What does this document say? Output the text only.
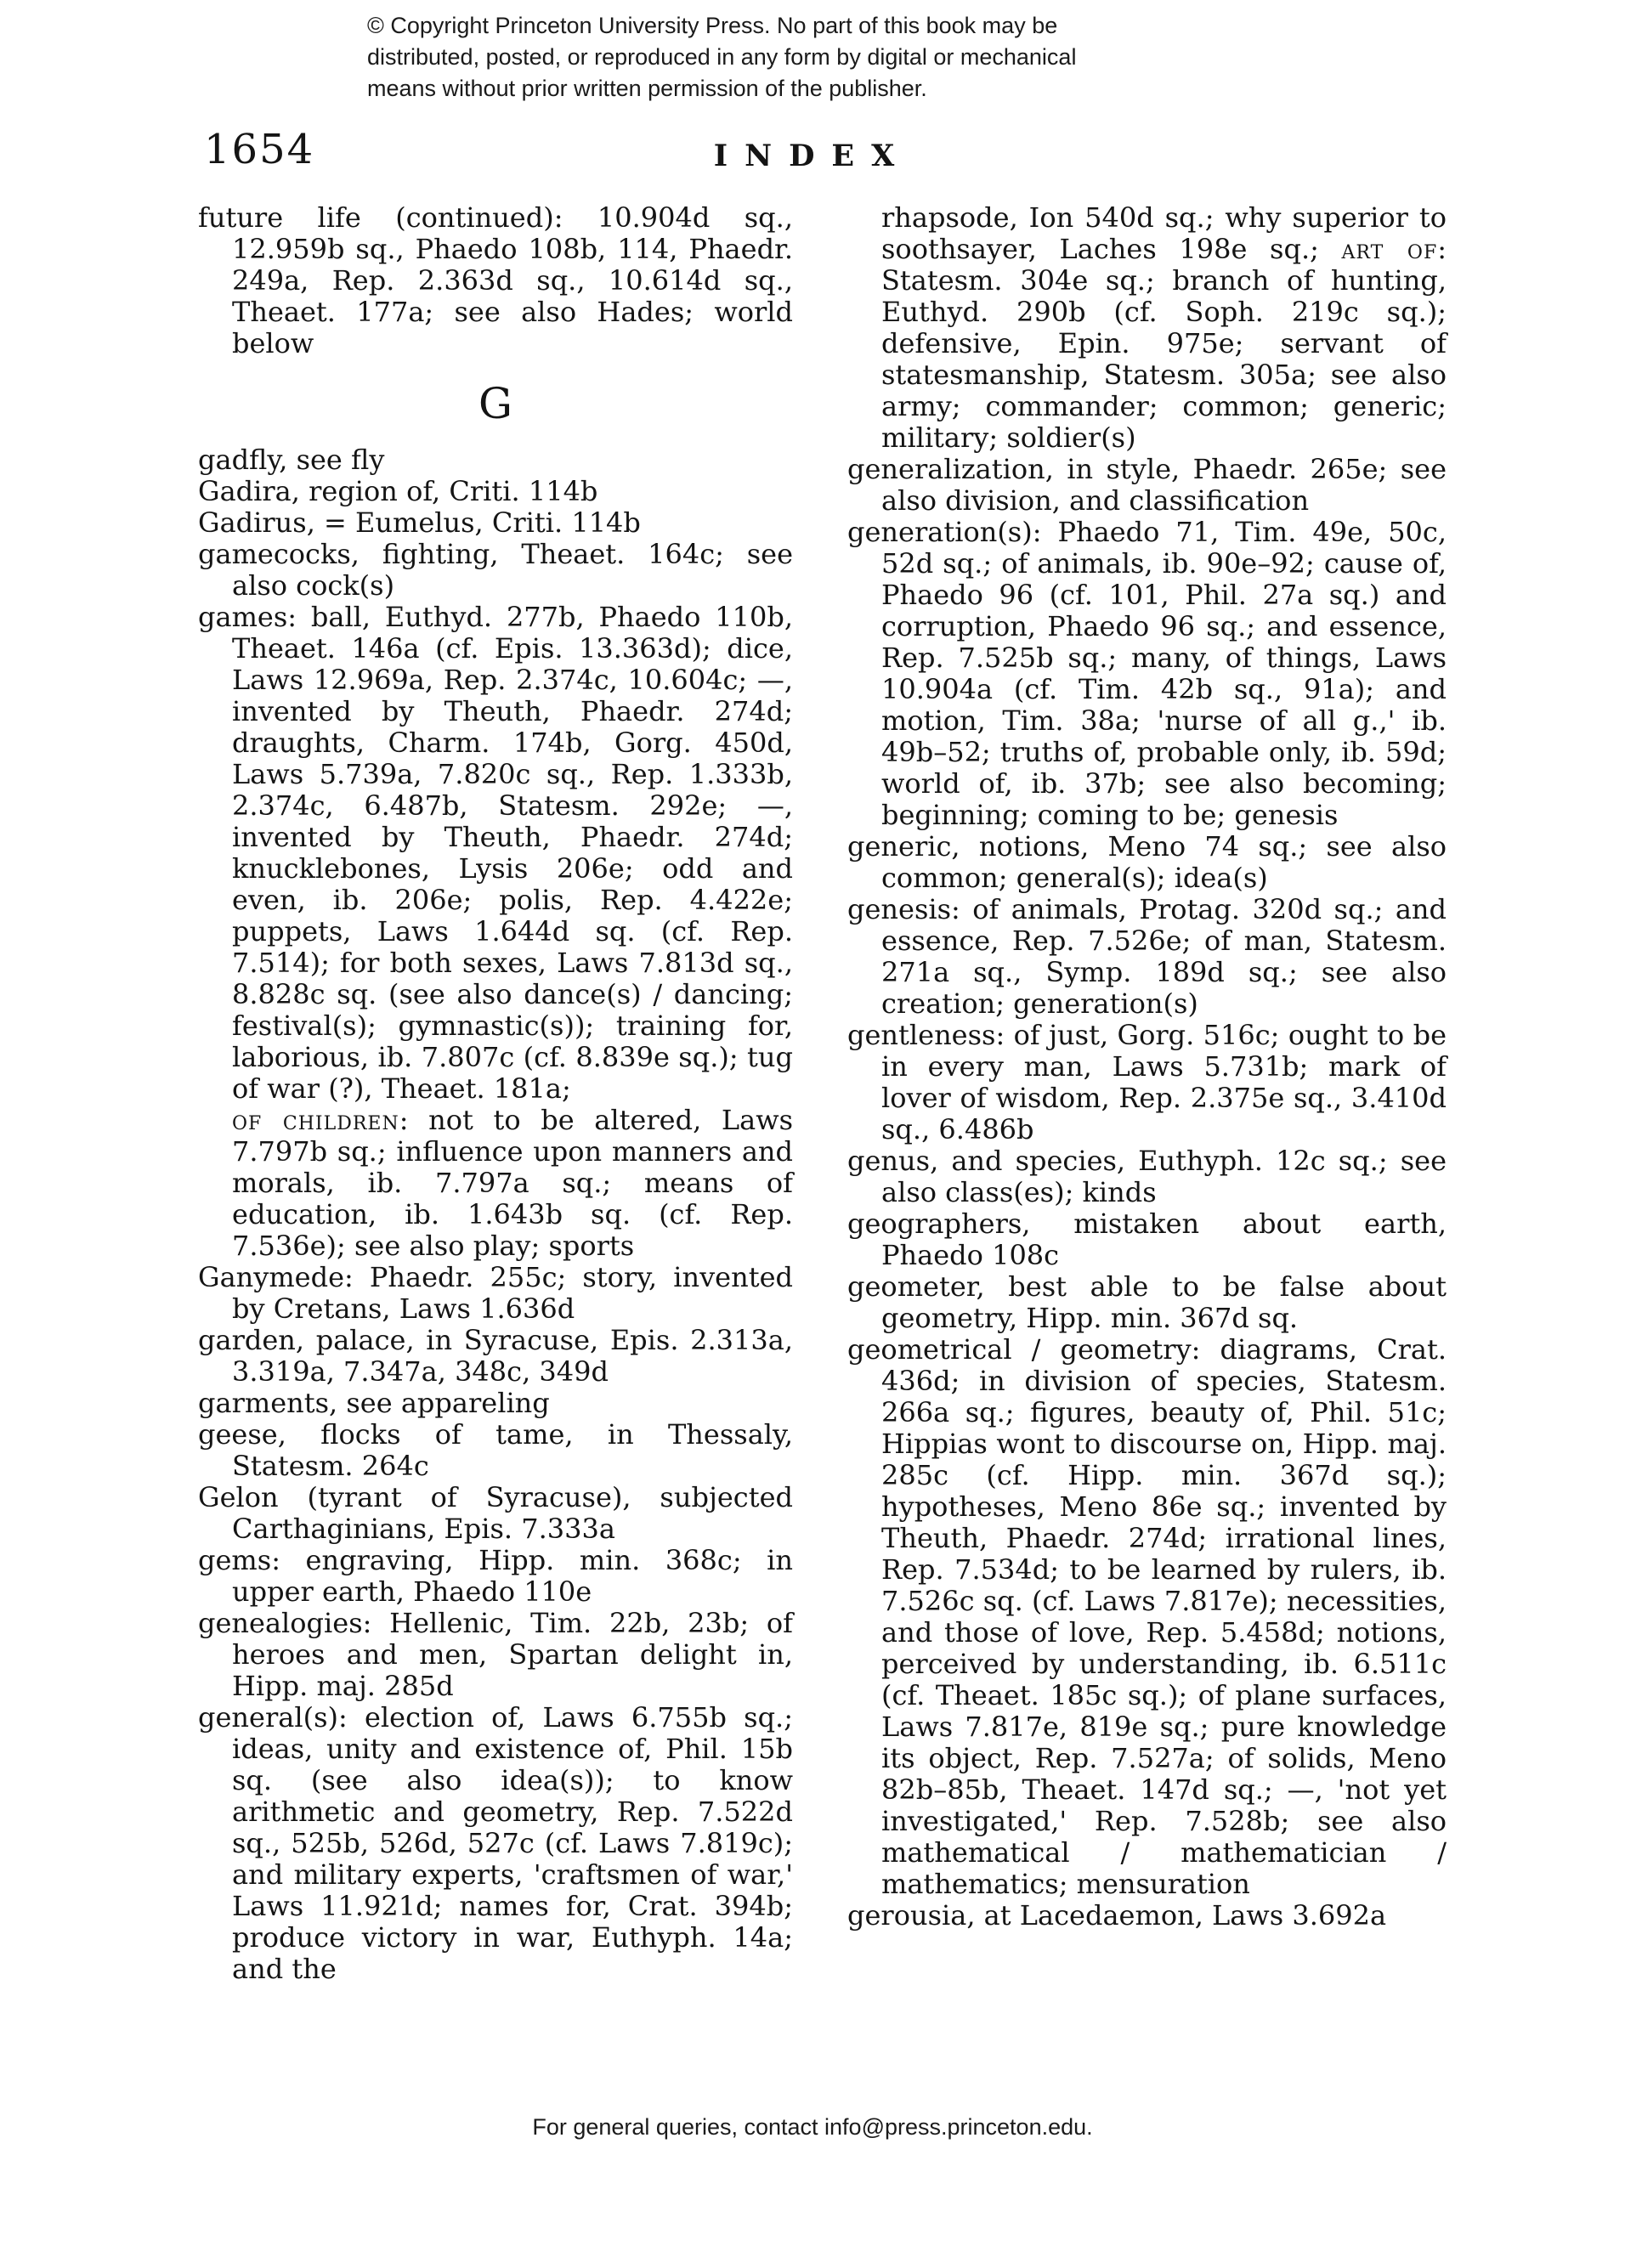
© Copyright Princeton University Press. No part of this book may be
distributed, posted, or reproduced in any form by digital or mechanical
means without prior written permission of the publisher.
1654	INDEX

future life (continued): 10.904d sq., 12.959b sq., Phaedo 108b, 114, Phaedr. 249a, Rep. 2.363d sq., 10.614d sq., Theaet. 177a; see also Hades; world below

G

gadfly, see fly

Gadira, region of, Criti. 114b

Gadirus, = Eumelus, Criti. 114b

gamecocks, fighting, Theaet. 164c; see also cock(s)

games: ball, Euthyd. 277b, Phaedo 110b, Theaet. 146a (cf. Epis. 13.363d); dice, Laws 12.969a, Rep. 2.374c, 10.604c; —, invented by Theuth, Phaedr. 274d; draughts, Charm. 174b, Gorg. 450d, Laws 5.739a, 7.820c sq., Rep. 1.333b, 2.374c, 6.487b, Statesm. 292e; —, invented by Theuth, Phaedr. 274d; knucklebones, Lysis 206e; odd and even, ib. 206e; polis, Rep. 4.422e; puppets, Laws 1.644d sq. (cf. Rep. 7.514); for both sexes, Laws 7.813d sq., 8.828c sq. (see also dance(s) / dancing; festival(s); gymnastic(s)); training for, laborious, ib. 7.807c (cf. 8.839e sq.); tug of war (?), Theaet. 181a;

of children: not to be altered, Laws 7.797b sq.; influence upon manners and morals, ib. 7.797a sq.; means of education, ib. 1.643b sq. (cf. Rep. 7.536e); see also play; sports

Ganymede: Phaedr. 255c; story, invented by Cretans, Laws 1.636d

garden, palace, in Syracuse, Epis. 2.313a, 3.319a, 7.347a, 348c, 349d

garments, see appareling

geese, flocks of tame, in Thessaly, Statesm. 264c

Gelon (tyrant of Syracuse), subjected Carthaginians, Epis. 7.333a

gems: engraving, Hipp. min. 368c; in upper earth, Phaedo 110e

genealogies: Hellenic, Tim. 22b, 23b; of heroes and men, Spartan delight in, Hipp. maj. 285d

general(s): election of, Laws 6.755b sq.; ideas, unity and existence of, Phil. 15b sq. (see also idea(s)); to know arithmetic and geometry, Rep. 7.522d sq., 525b, 526d, 527c (cf. Laws 7.819c); and military experts, 'craftsmen of war,' Laws 11.921d; names for, Crat. 394b; produce victory in war, Euthyph. 14a; and the

rhapsode, Ion 540d sq.; why superior to soothsayer, Laches 198e sq.; art of: Statesm. 304e sq.; branch of hunting, Euthyd. 290b (cf. Soph. 219c sq.); defensive, Epin. 975e; servant of statesmanship, Statesm. 305a; see also army; commander; common; generic; military; soldier(s)

generalization, in style, Phaedr. 265e; see also division, and classification

generation(s): Phaedo 71, Tim. 49e, 50c, 52d sq.; of animals, ib. 90e–92; cause of, Phaedo 96 (cf. 101, Phil. 27a sq.) and corruption, Phaedo 96 sq.; and essence, Rep. 7.525b sq.; many, of things, Laws 10.904a (cf. Tim. 42b sq., 91a); and motion, Tim. 38a; 'nurse of all g.,' ib. 49b–52; truths of, probable only, ib. 59d; world of, ib. 37b; see also becoming; beginning; coming to be; genesis

generic, notions, Meno 74 sq.; see also common; general(s); idea(s)

genesis: of animals, Protag. 320d sq.; and essence, Rep. 7.526e; of man, Statesm. 271a sq., Symp. 189d sq.; see also creation; generation(s)

gentleness: of just, Gorg. 516c; ought to be in every man, Laws 5.731b; mark of lover of wisdom, Rep. 2.375e sq., 3.410d sq., 6.486b

genus, and species, Euthyph. 12c sq.; see also class(es); kinds

geographers, mistaken about earth, Phaedo 108c

geometer, best able to be false about geometry, Hipp. min. 367d sq.

geometrical / geometry: diagrams, Crat. 436d; in division of species, Statesm. 266a sq.; figures, beauty of, Phil. 51c; Hippias wont to discourse on, Hipp. maj. 285c (cf. Hipp. min. 367d sq.); hypotheses, Meno 86e sq.; invented by Theuth, Phaedr. 274d; irrational lines, Rep. 7.534d; to be learned by rulers, ib. 7.526c sq. (cf. Laws 7.817e); necessities, and those of love, Rep. 5.458d; notions, perceived by understanding, ib. 6.511c (cf. Theaet. 185c sq.); of plane surfaces, Laws 7.817e, 819e sq.; pure knowledge its object, Rep. 7.527a; of solids, Meno 82b–85b, Theaet. 147d sq.; —, 'not yet investigated,' Rep. 7.528b; see also mathematical / mathematician / mathematics; mensuration

gerousia, at Lacedaemon, Laws 3.692a

For general queries, contact info@press.princeton.edu.
